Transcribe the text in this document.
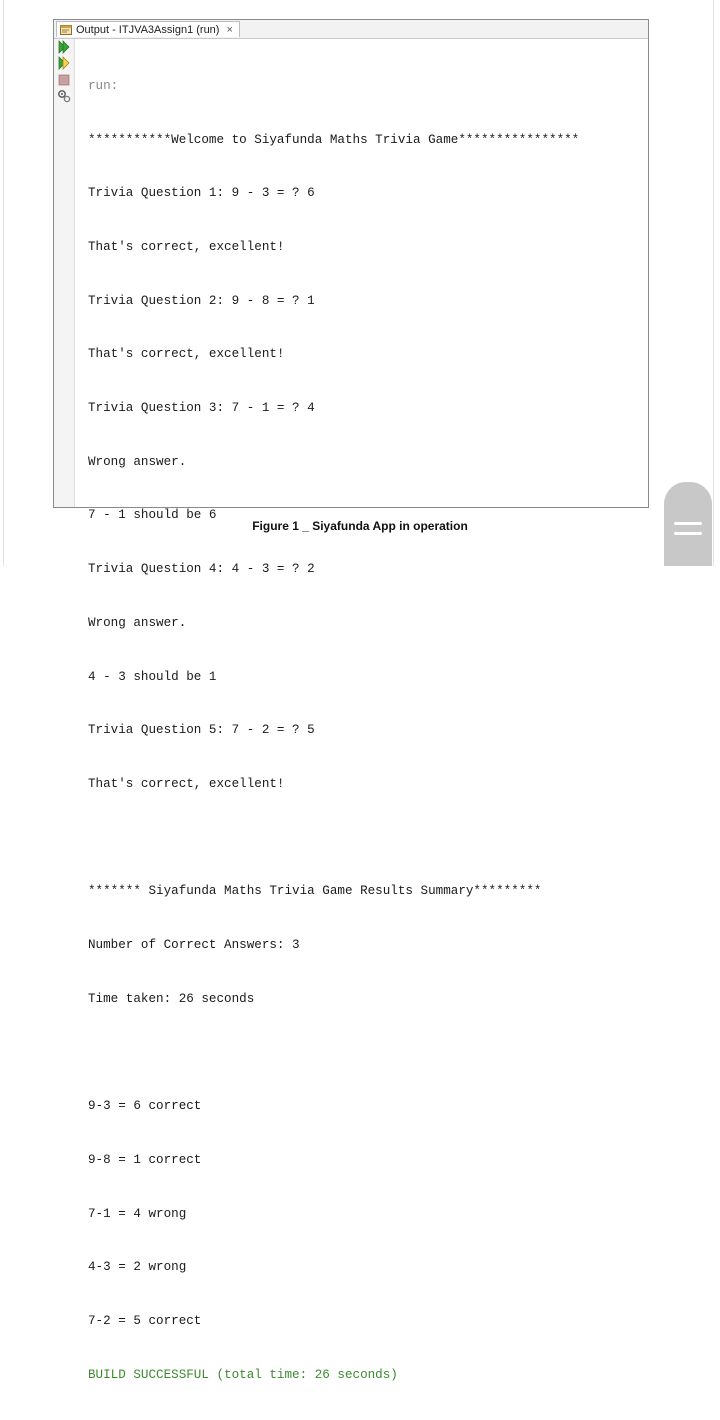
Output - ITJVA3Assign1 (run) ×

run:

***********Welcome to Siyafunda Maths Trivia Game****************

Trivia Question 1: 9 - 3 = ? 6

That's correct, excellent!

Trivia Question 2: 9 - 8 = ? 1

That's correct, excellent!

Trivia Question 3: 7 - 1 = ? 4

Wrong answer.

7 - 1 should be 6

Trivia Question 4: 4 - 3 = ? 2

Wrong answer.

4 - 3 should be 1

Trivia Question 5: 7 - 2 = ? 5

That's correct, excellent!

******* Siyafunda Maths Trivia Game Results Summary*********

Number of Correct Answers: 3

Time taken: 26 seconds

9-3 = 6 correct

9-8 = 1 correct

7-1 = 4 wrong

4-3 = 2 wrong

7-2 = 5 correct

BUILD SUCCESSFUL (total time: 26 seconds)

Figure 1 _ Siyafunda App in operation
